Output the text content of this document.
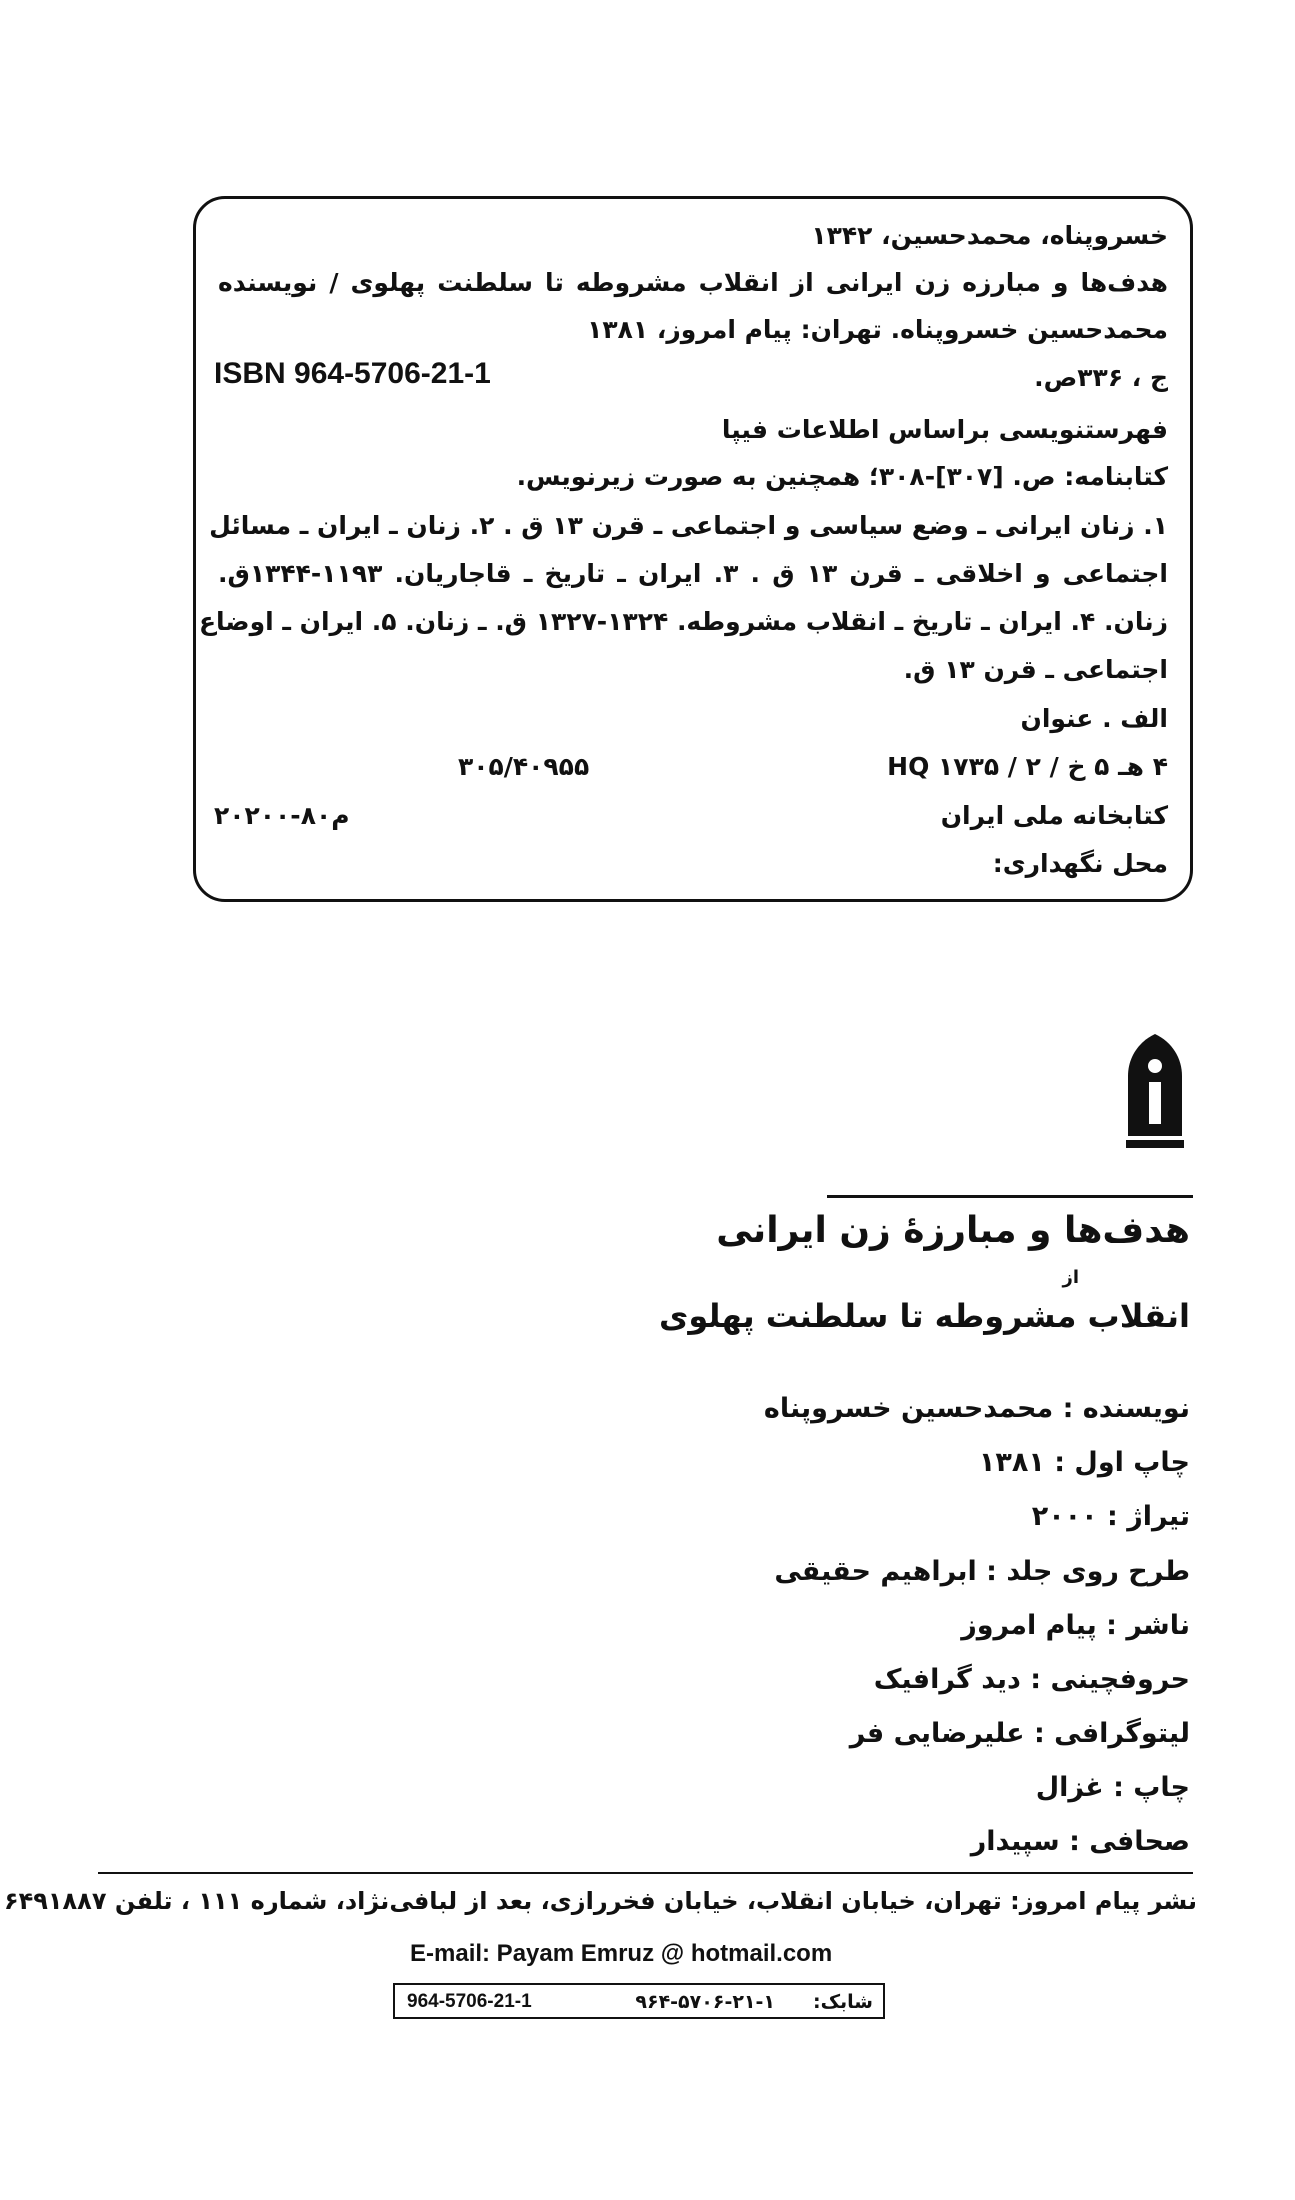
خسروپناه، محمدحسین، ۱۳۴۲
هدف‌ها و مبارزه زن ایرانی از انقلاب مشروطه تا سلطنت پهلوی / نویسنده
محمدحسین خسروپناه. تهران: پیام امروز، ۱۳۸۱
ISBN 964-5706-21-1	ج ، ۳۳۶ص.
فهرستنویسی براساس اطلاعات فیپا
کتابنامه: ص. [۳۰۷]-۳۰۸؛ همچنین به صورت زیرنویس.
۱. زنان ایرانی ـ وضع سیاسی و اجتماعی ـ قرن ۱۳ ق . ۲. زنان ـ ایران ـ مسائل
اجتماعی و اخلاقی ـ قرن ۱۳ ق . ۳. ایران ـ تاریخ ـ قاجاریان. ۱۱۹۳-۱۳۴۴ق.
زنان. ۴. ایران ـ تاریخ ـ انقلاب مشروطه. ۱۳۲۴-۱۳۲۷ ق. ـ زنان. ۵. ایران ـ اوضاع
اجتماعی ـ قرن ۱۳ ق.
الف . عنوان
۴ هـ ۵ خ / ۲ / ۱۷۳۵ HQ
۳۰۵/۴۰۹۵۵
کتابخانه ملی ایران
م۸۰-۲۰۲۰۰
محل نگهداری:
هدف‌ها و مبارزهٔ زن ایرانی
از
انقلاب مشروطه تا سلطنت پهلوی
نویسنده : محمدحسین خسروپناه
چاپ اول : ۱۳۸۱
تیراژ : ۲۰۰۰
طرح روی جلد : ابراهیم حقیقی
ناشر : پیام امروز
حروفچینی : دید گرافیک
لیتوگرافی : علیرضایی فر
چاپ : غزال
صحافی : سپیدار
نشر پیام امروز: تهران، خیابان انقلاب، خیابان فخررازی، بعد از لبافی‌نژاد، شماره ۱۱۱ ، تلفن ۶۴۹۱۸۸۷
E-mail: Payam Emruz @ hotmail.com
شابک:
۹۶۴-۵۷۰۶-۲۱-۱
964-5706-21-1
